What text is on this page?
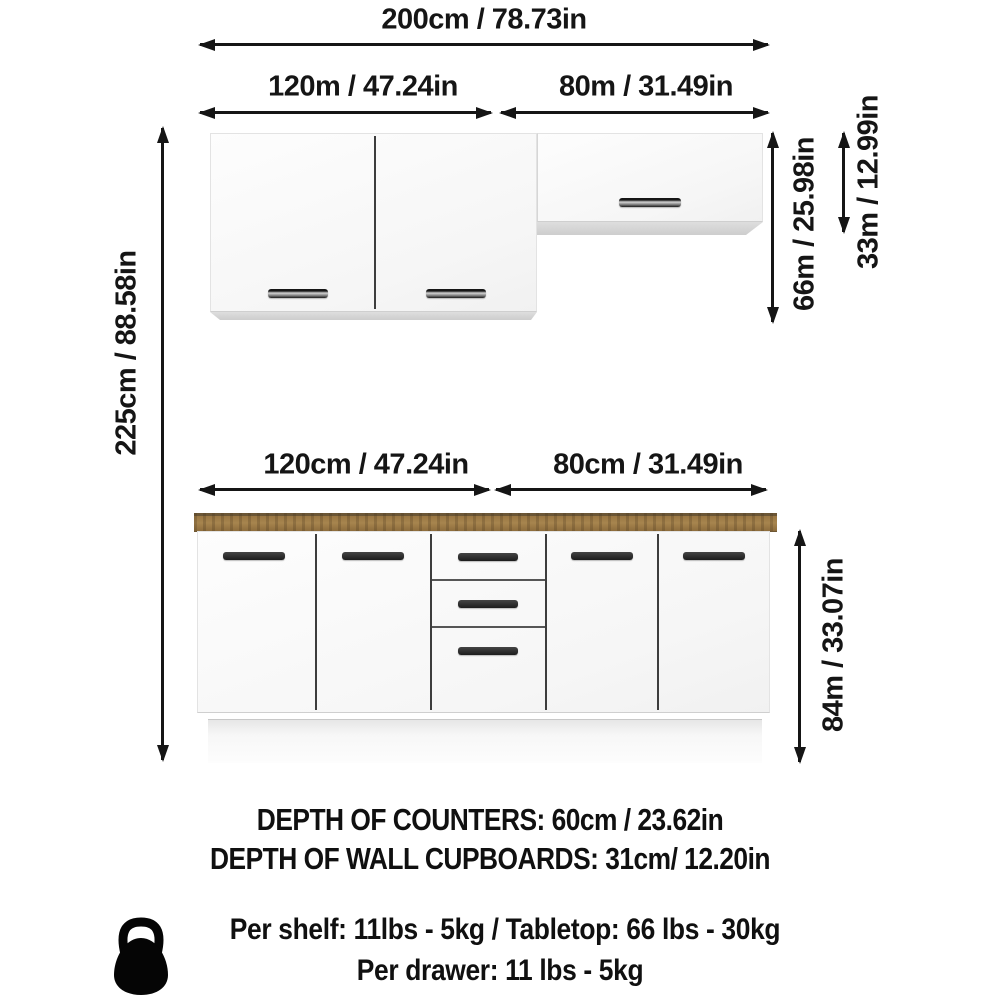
200cm / 78.73in
120m / 47.24in	80m / 31.49in
66m / 25.98in 33m / 12.99in
225cm / 88.58in
120cm / 47.24in	80cm / 31.49in
84m / 33.07in
DEPTH OF COUNTERS: 60cm / 23.62in
DEPTH OF WALL CUPBOARDS: 31cm/ 12.20in
Per shelf: 11lbs - 5kg / Tabletop: 66 lbs - 30kg
Per drawer: 11 lbs - 5kg
